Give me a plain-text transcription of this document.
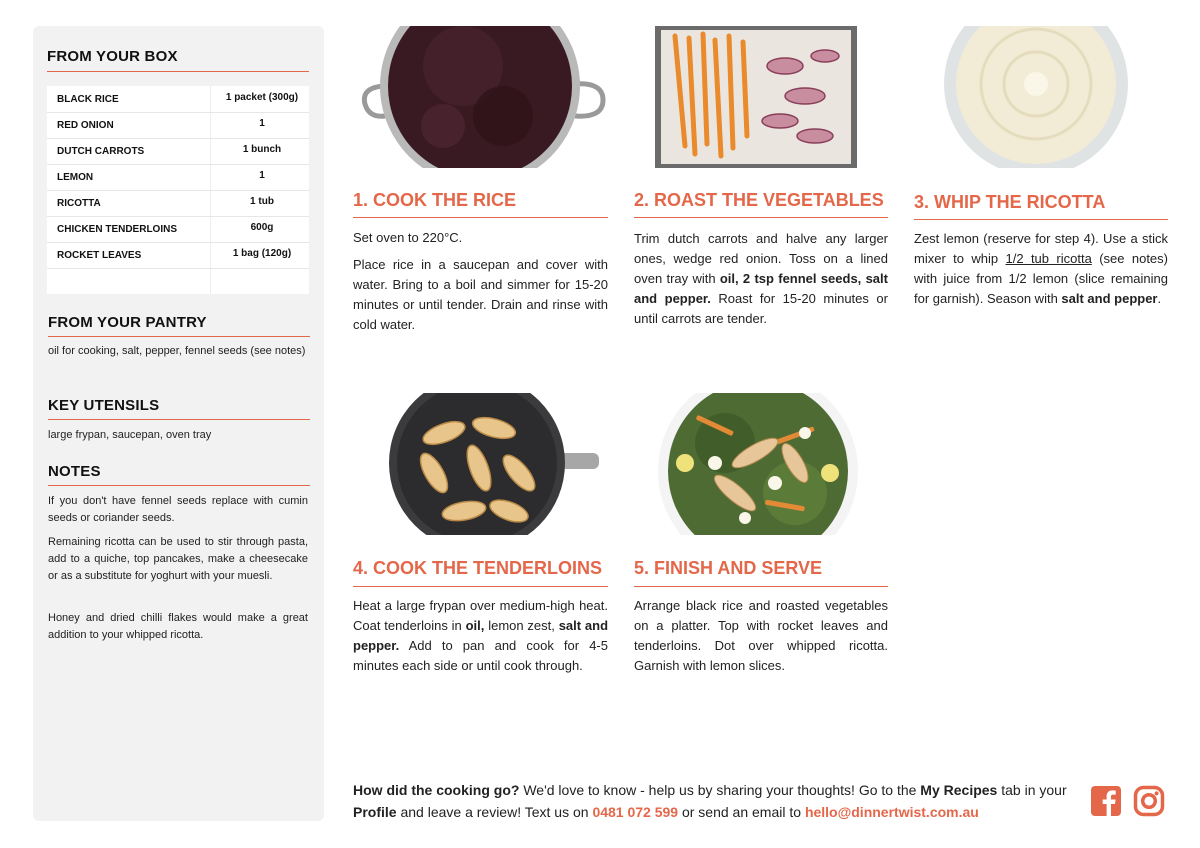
FROM YOUR BOX
BLACK RICE	1 packet (300g)
RED ONION	1
DUTCH CARROTS	1 bunch
LEMON	1
RICOTTA	1 tub
CHICKEN TENDERLOINS	600g
ROCKET LEAVES	1 bag (120g)
FROM YOUR PANTRY
oil for cooking, salt, pepper, fennel seeds (see notes)
KEY UTENSILS
large frypan, saucepan, oven tray
NOTES
If you don't have fennel seeds replace with cumin seeds or coriander seeds.
Remaining ricotta can be used to stir through pasta, add to a quiche, top pancakes, make a cheesecake or as a substitute for yoghurt with your muesli.
Honey and dried chilli flakes would make a great addition to your whipped ricotta.
1. COOK THE RICE	2. ROAST THE VEGETABLES 3. WHIP THE RICOTTA
4. COOK THE TENDERLOINS 5. FINISH AND SERVE

Set oven to 220°C.

Place rice in a saucepan and cover with water. Bring to a boil and simmer for 15-20 minutes or until tender. Drain and rinse with cold water.

Trim dutch carrots and halve any larger ones, wedge red onion. Toss on a lined oven tray with oil, 2 tsp fennel seeds, salt and pepper. Roast for 15-20 minutes or until carrots are tender.
Zest lemon (reserve for step 4). Use a stick mixer to whip 1/2 tub ricotta (see notes) with juice from 1/2 lemon (slice remaining for garnish). Season with salt and pepper.
Heat a large frypan over medium-high heat. Coat tenderloins in oil, lemon zest, salt and pepper. Add to pan and cook for 4-5 minutes each side or until cook through.

Arrange black rice and roasted vegetables on a platter. Top with rocket leaves and tenderloins. Dot over whipped ricotta. Garnish with lemon slices.

How did the cooking go? We'd love to know - help us by sharing your thoughts! Go to the My Recipes tab in your Profile and leave a review! Text us on 0481 072 599 or send an email to hello@dinnertwist.com.au
